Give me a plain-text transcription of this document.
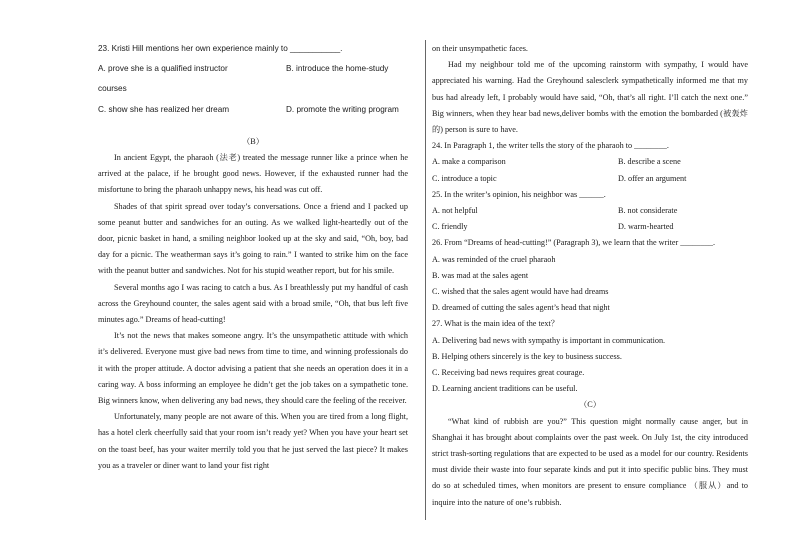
23. Kristi Hill mentions her own experience mainly to ___________.

A. prove she is a qualified instructor	B. introduce the home-study
courses
C. show she has realized her dream	D. promote the writing program
（B）

In ancient Egypt, the pharaoh (法老) treated the message runner like a prince when he arrived at the palace, if he brought good news. However, if the exhausted runner had the misfortune to bring the pharaoh unhappy news, his head was cut off.

Shades of that spirit spread over today’s conversations. Once a friend and I packed up some peanut butter and sandwiches for an outing. As we walked light-heartedly out of the door, picnic basket in hand, a smiling neighbor looked up at the sky and said, “Oh, boy, bad day for a picnic. The weatherman says it’s going to rain.” I wanted to strike him on the face with the peanut butter and sandwiches. Not for his stupid weather report, but for his smile.

Several months ago I was racing to catch a bus. As I breathlessly put my handful of cash across the Greyhound counter, the sales agent said with a broad smile, “Oh, that bus left five minutes ago.” Dreams of head-cutting!

It’s not the news that makes someone angry. It’s the unsympathetic attitude with which it’s delivered. Everyone must give bad news from time to time, and winning professionals do it with the proper attitude. A doctor advising a patient that she needs an operation does it in a caring way. A boss informing an employee he didn’t get the job takes on a sympathetic tone. Big winners know, when delivering any bad news, they should care the feeling of the receiver.

Unfortunately, many people are not aware of this. When you are tired from a long flight, has a hotel clerk cheerfully said that your room isn’t ready yet? When you have your heart set on the toast beef, has your waiter merrily told you that he just served the last piece? It makes you as a traveler or diner want to land your fist right

on their unsympathetic faces.

Had my neighbour told me of the upcoming rainstorm with sympathy, I would have appreciated his warning. Had the Greyhound salesclerk sympathetically informed me that my bus had already left, I probably would have said, “Oh, that’s all right. I’ll catch the next one.” Big winners, when they hear bad news,deliver bombs with the emotion the bombarded (被轰炸的) person is sure to have.

24. In Paragraph 1, the writer tells the story of the pharaoh to ________.

A. make a comparison	B. describe a scene
C. introduce a topic	D. offer an argument

25. In the writer’s opinion, his neighbor was ______.

A. not helpful	B. not considerate
C. friendly	D. warm-hearted

26. From “Dreams of head-cutting!” (Paragraph 3), we learn that the writer ________.

A. was reminded of the cruel pharaoh
B. was mad at the sales agent
C. wished that the sales agent would have had dreams
D. dreamed of cutting the sales agent’s head that night

27. What is the main idea of the text？

A. Delivering bad news with sympathy is important in communication.
B. Helping others sincerely is the key to business success.
C. Receiving bad news requires great courage.
D. Learning ancient traditions can be useful.
（C）

“What kind of rubbish are you?” This question might normally cause anger, but in Shanghai it has brought about complaints over the past week. On July 1st, the city introduced strict trash-sorting regulations that are expected to be used as a model for our country. Residents must divide their waste into four separate kinds and put it into specific public bins. They must do so at scheduled times, when monitors are present to ensure compliance （服从）and to inquire into the nature of one’s rubbish.
